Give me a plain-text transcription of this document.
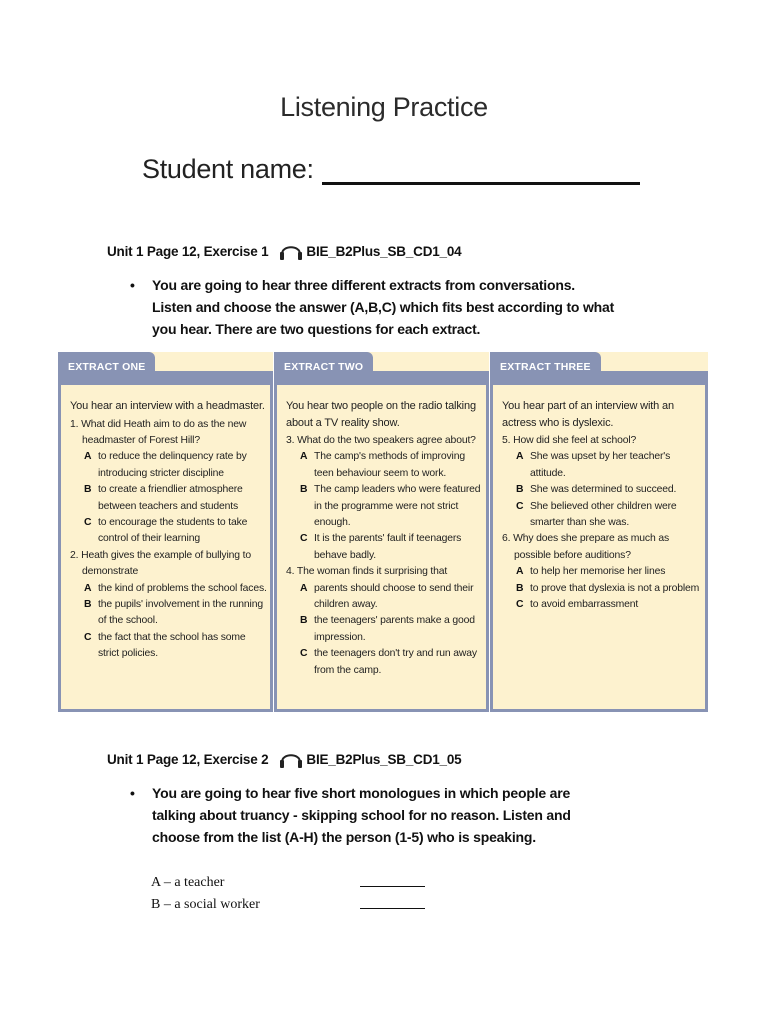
Listening Practice
Student name:
Unit 1 Page 12, Exercise 1	BIE_B2Plus_SB_CD1_04
• You are going to hear three different extracts from conversations.
Listen and choose the answer (A,B,C) which fits best according to what
you hear. There are two questions for each extract.
EXTRACT ONE
You hear an interview with a headmaster.
1. What did Heath aim to do as the new headmaster of Forest Hill?
A to reduce the delinquency rate by introducing stricter discipline
B to create a friendlier atmosphere between teachers and students
C to encourage the students to take control of their learning
2. Heath gives the example of bullying to demonstrate
A the kind of problems the school faces.
B the pupils' involvement in the running of the school.
C the fact that the school has some strict policies.
EXTRACT TWO
You hear two people on the radio talking about a TV reality show.
3. What do the two speakers agree about?
A The camp's methods of improving teen behaviour seem to work.
B The camp leaders who were featured in the programme were not strict enough.
C It is the parents' fault if teenagers behave badly.
4. The woman finds it surprising that
A parents should choose to send their children away.
B the teenagers' parents make a good impression.
C the teenagers don't try and run away from the camp.
EXTRACT THREE
You hear part of an interview with an actress who is dyslexic.
5. How did she feel at school?
A She was upset by her teacher's attitude.
B She was determined to succeed.
C She believed other children were smarter than she was.
6. Why does she prepare as much as possible before auditions?
A to help her memorise her lines
B to prove that dyslexia is not a problem
C to avoid embarrassment
Unit 1 Page 12, Exercise 2	BIE_B2Plus_SB_CD1_05
• You are going to hear five short monologues in which people are
talking about truancy - skipping school for no reason. Listen and
choose from the list (A-H) the person (1-5) who is speaking.
A – a teacher
B – a social worker
